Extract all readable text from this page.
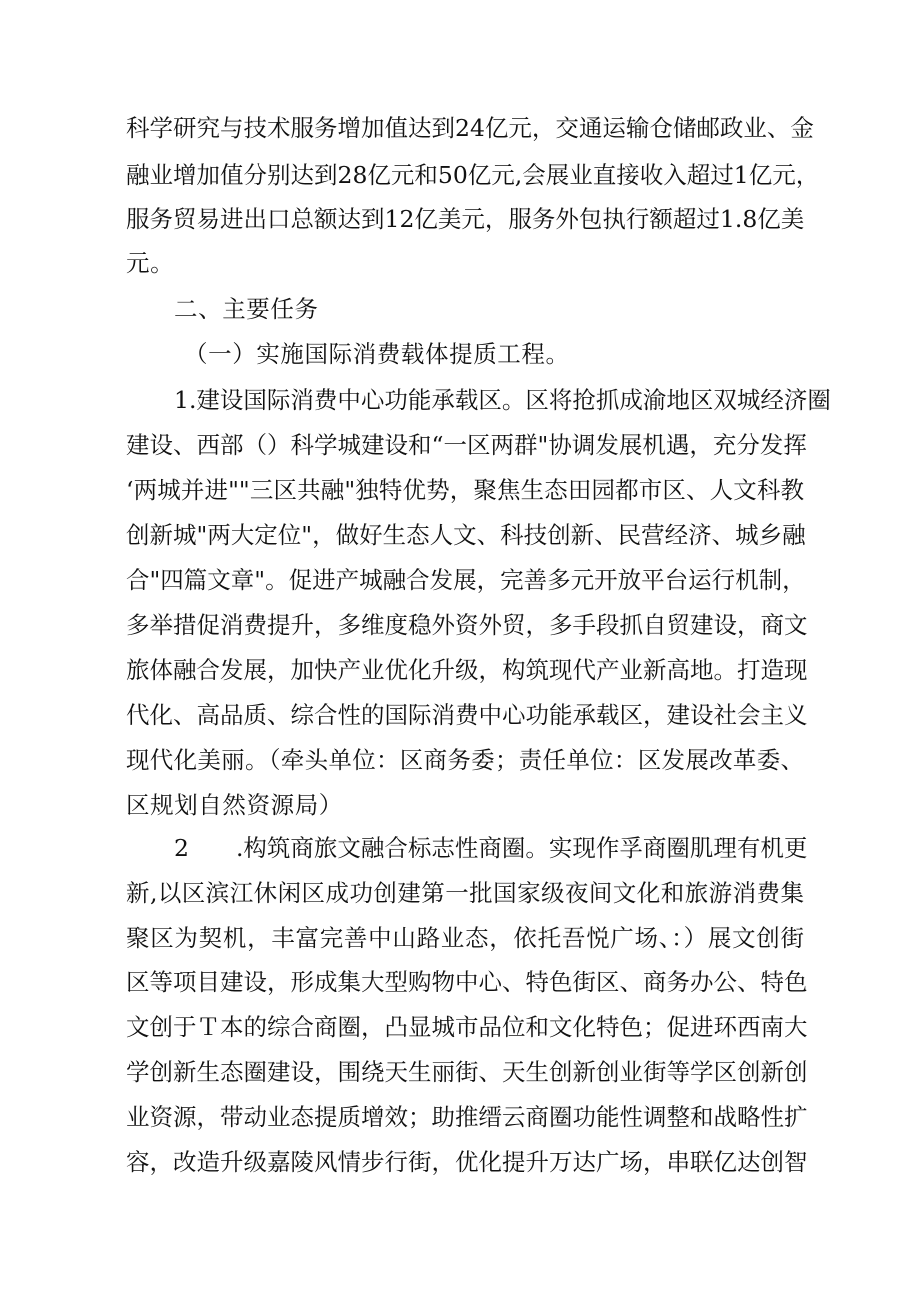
科学研究与技术服务增加值达到24亿元，交通运输仓储邮政业、金
融业增加值分别达到28亿元和50亿元,会展业直接收入超过1亿元，
服务贸易进出口总额达到12亿美元，服务外包执行额超过1.8亿美
元。
二、主要任务
（一）实施国际消费载体提质工程。
1.建设国际消费中心功能承载区。区将抢抓成渝地区双城经济圈
建设、西部（）科学城建设和“一区两群"协调发展机遇，充分发挥
‘两城并进""三区共融"独特优势，聚焦生态田园都市区、人文科教
创新城"两大定位"，做好生态人文、科技创新、民营经济、城乡融
合"四篇文章"。促进产城融合发展，完善多元开放平台运行机制，
多举措促消费提升，多维度稳外资外贸，多手段抓自贸建设，商文
旅体融合发展，加快产业优化升级，构筑现代产业新高地。打造现
代化、高品质、综合性的国际消费中心功能承载区，建设社会主义
现代化美丽。（牵头单位：区商务委；责任单位：区发展改革委、
区规划自然资源局）
2　　.构筑商旅文融合标志性商圈。实现作孚商圈肌理有机更
新,以区滨江休闲区成功创建第一批国家级夜间文化和旅游消费集
聚区为契机，丰富完善中山路业态，依托吾悦广场、：）展文创街
区等项目建设，形成集大型购物中心、特色街区、商务办公、特色
文创于Ｔ本的综合商圈，凸显城市品位和文化特色；促进环西南大
学创新生态圈建设，围绕天生丽街、天生创新创业街等学区创新创
业资源，带动业态提质增效；助推缙云商圈功能性调整和战略性扩
容，改造升级嘉陵风情步行街，优化提升万达广场，串联亿达创智
